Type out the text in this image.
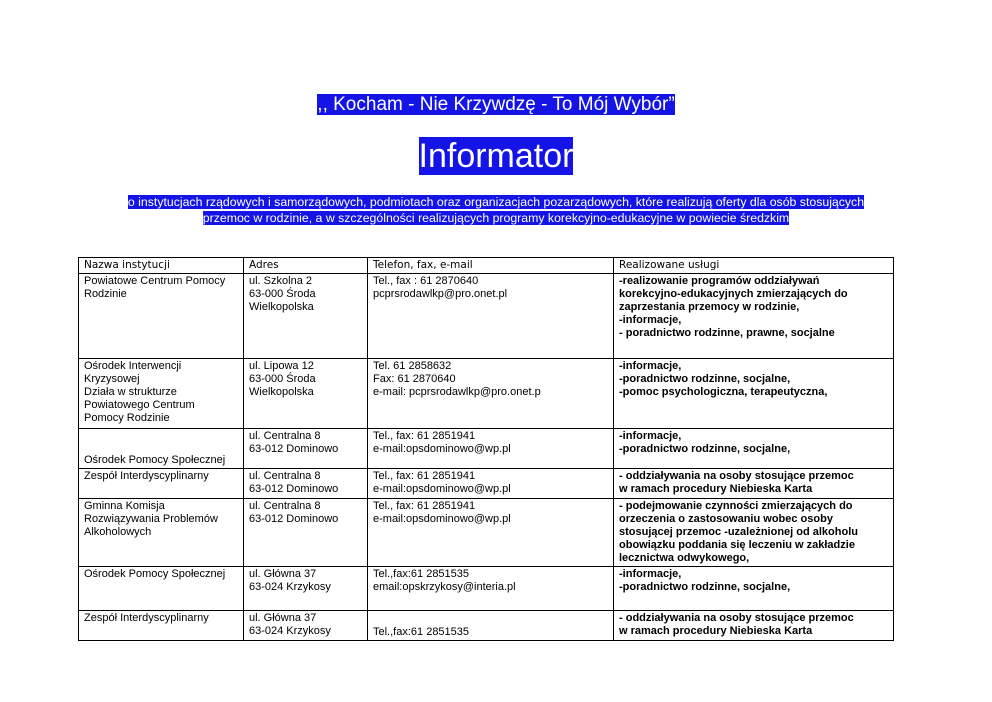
,, Kocham - Nie Krzywdzę - To Mój Wybór”
Informator
o instytucjach rządowych i samorządowych, podmiotach oraz organizacjach pozarządowych, które realizują oferty dla osób stosujących
przemoc w rodzinie, a w szczególności realizujących programy korekcyjno-edukacyjne w powiecie średzkim
Nazwa instytucji	Adres	Telefon, fax, e-mail	Realizowane usługi

Powiatowe Centrum Pomocy
Rodzinie	ul. Szkolna 2
63-000 Środa
Wielkopolska	Tel., fax : 61 2870640
pcprsrodawlkp@pro.onet.pl	-realizowanie programów oddziaływań
korekcyjno-edukacyjnych zmierzających do
zaprzestania przemocy w rodzinie,
-informacje,
- poradnictwo rodzinne, prawne, socjalne

Ośrodek Interwencji
Kryzysowej
Działa w strukturze
Powiatowego Centrum
Pomocy Rodzinie	ul. Lipowa 12
63-000 Środa
Wielkopolska	Tel. 61 2858632
Fax: 61 2870640
e-mail: pcprsrodawlkp@pro.onet.p	-informacje,
-poradnictwo rodzinne, socjalne,
-pomoc psychologiczna, terapeutyczna,

Ośrodek Pomocy Społecznej	ul. Centralna 8
63-012 Dominowo	Tel., fax: 61 2851941
e-mail:opsdominowo@wp.pl	-informacje,
-poradnictwo rodzinne, socjalne,

Zespół Interdyscyplinarny	ul. Centralna 8
63-012 Dominowo	Tel., fax: 61 2851941
e-mail:opsdominowo@wp.pl	- oddziaływania na osoby stosujące przemoc
w ramach procedury Niebieska Karta

Gminna Komisja
Rozwiązywania Problemów
Alkoholowych	ul. Centralna 8
63-012 Dominowo	Tel., fax: 61 2851941
e-mail:opsdominowo@wp.pl	- podejmowanie czynności zmierzających do
orzeczenia o zastosowaniu wobec osoby
stosującej przemoc -uzależnionej od alkoholu
obowiązku poddania się leczeniu w zakładzie
lecznictwa odwykowego,

Ośrodek Pomocy Społecznej	ul. Główna 37
63-024 Krzykosy	Tel.,fax:61 2851535
email:opskrzykosy@interia.pl	-informacje,
-poradnictwo rodzinne, socjalne,

Zespół Interdyscyplinarny	ul. Główna 37
63-024 Krzykosy	Tel.,fax:61 2851535	- oddziaływania na osoby stosujące przemoc
w ramach procedury Niebieska Karta
